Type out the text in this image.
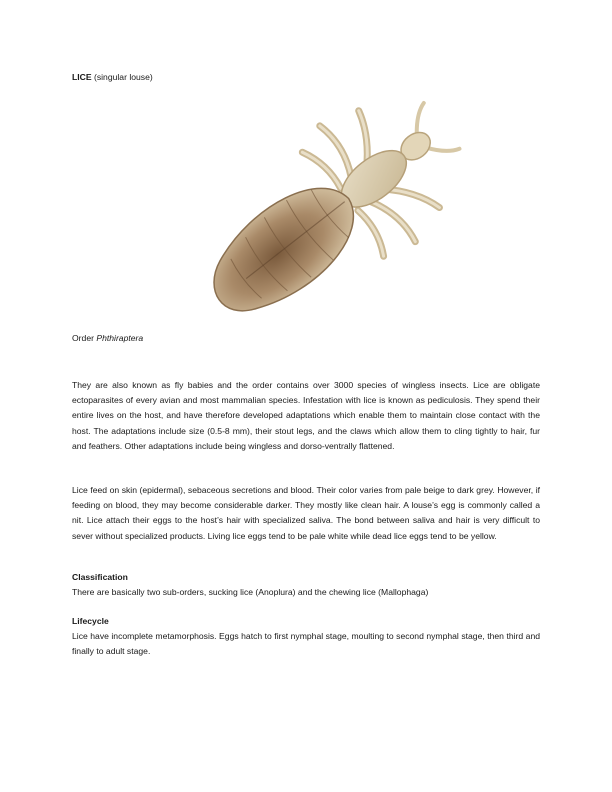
LICE (singular louse)
Order Phthiraptera

They are also known as fly babies and the order contains over 3000 species of wingless insects. Lice are obligate ectoparasites of every avian and most mammalian species. Infestation with lice is known as pediculosis. They spend their entire lives on the host, and have therefore developed adaptations which enable them to maintain close contact with the host. The adaptations include size (0.5-8 mm), their stout legs, and the claws which allow them to cling tightly to hair, fur and feathers. Other adaptations include being wingless and dorso-ventrally flattened.

Lice feed on skin (epidermal), sebaceous secretions and blood. Their color varies from pale beige to dark grey. However, if feeding on blood, they may become considerable darker. They mostly like clean hair. A louse’s egg is commonly called a nit. Lice attach their eggs to the host’s hair with specialized saliva. The bond between saliva and hair is very difficult to sever without specialized products. Living lice eggs tend to be pale white while dead lice eggs tend to be yellow.

Classification

There are basically two sub-orders, sucking lice (Anoplura) and the chewing lice (Mallophaga)

Lifecycle

Lice have incomplete metamorphosis. Eggs hatch to first nymphal stage, moulting to second nymphal stage, then third and finally to adult stage.
